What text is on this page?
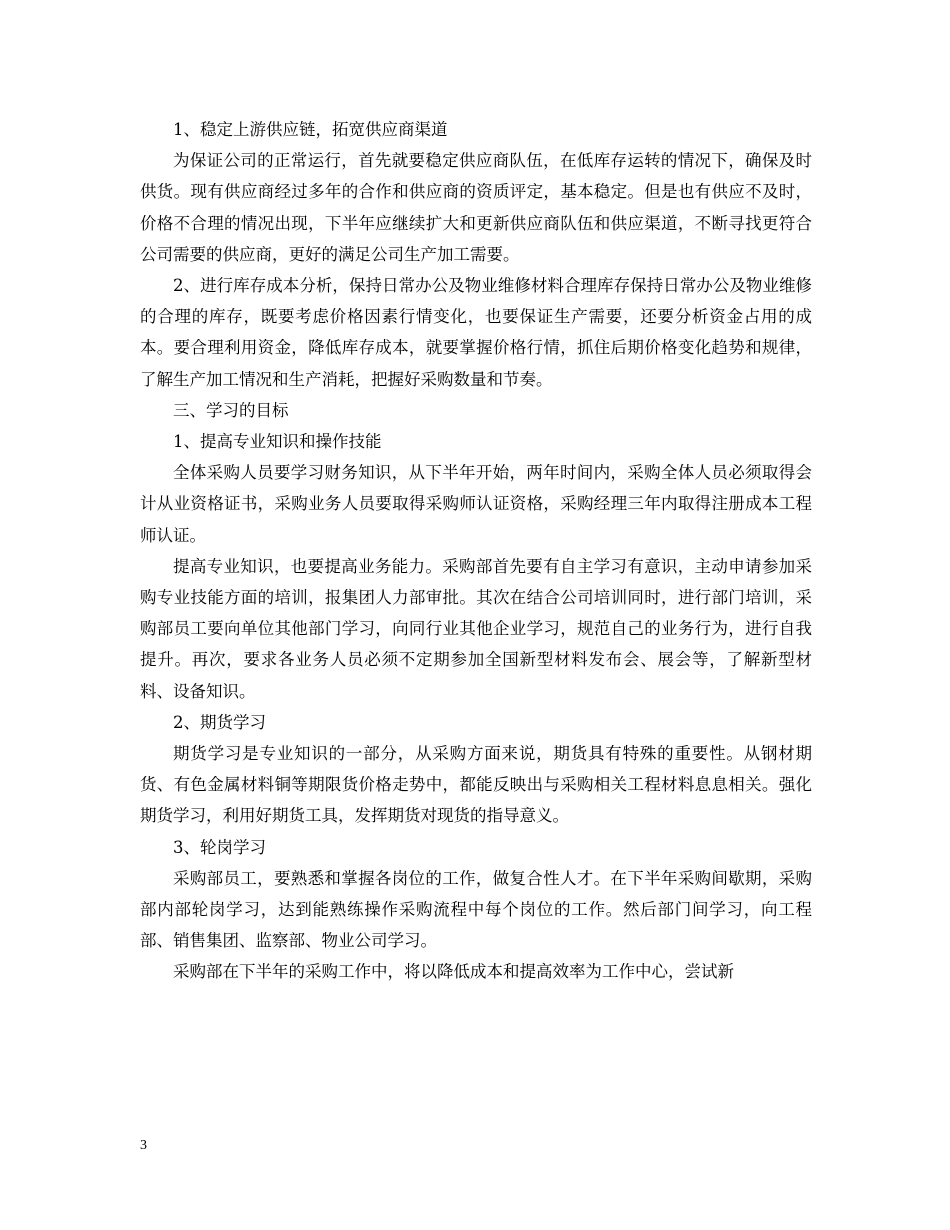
1、稳定上游供应链，拓宽供应商渠道

为保证公司的正常运行，首先就要稳定供应商队伍，在低库存运转的情况下，确保及时供货。现有供应商经过多年的合作和供应商的资质评定，基本稳定。但是也有供应不及时，价格不合理的情况出现，下半年应继续扩大和更新供应商队伍和供应渠道，不断寻找更符合公司需要的供应商，更好的满足公司生产加工需要。

2、进行库存成本分析，保持日常办公及物业维修材料合理库存保持日常办公及物业维修的合理的库存，既要考虑价格因素行情变化，也要保证生产需要，还要分析资金占用的成本。要合理利用资金，降低库存成本，就要掌握价格行情，抓住后期价格变化趋势和规律，了解生产加工情况和生产消耗，把握好采购数量和节奏。

三、学习的目标

1、提高专业知识和操作技能

全体采购人员要学习财务知识，从下半年开始，两年时间内，采购全体人员必须取得会计从业资格证书，采购业务人员要取得采购师认证资格，采购经理三年内取得注册成本工程师认证。

提高专业知识，也要提高业务能力。采购部首先要有自主学习有意识，主动申请参加采购专业技能方面的培训，报集团人力部审批。其次在结合公司培训同时，进行部门培训，采购部员工要向单位其他部门学习，向同行业其他企业学习，规范自己的业务行为，进行自我提升。再次，要求各业务人员必须不定期参加全国新型材料发布会、展会等，了解新型材料、设备知识。

2、期货学习

期货学习是专业知识的一部分，从采购方面来说，期货具有特殊的重要性。从钢材期货、有色金属材料铜等期限货价格走势中，都能反映出与采购相关工程材料息息相关。强化期货学习，利用好期货工具，发挥期货对现货的指导意义。

3、轮岗学习

采购部员工，要熟悉和掌握各岗位的工作，做复合性人才。在下半年采购间歇期，采购部内部轮岗学习，达到能熟练操作采购流程中每个岗位的工作。然后部门间学习，向工程部、销售集团、监察部、物业公司学习。

采购部在下半年的采购工作中，将以降低成本和提高效率为工作中心，尝试新

3
